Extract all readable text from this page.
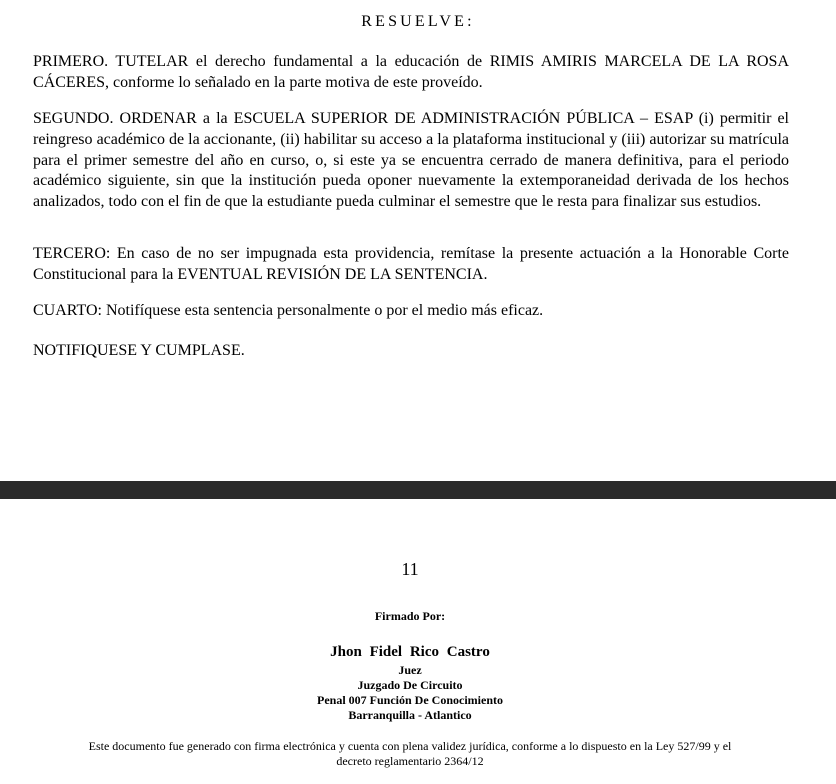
RESUELVE:

PRIMERO. TUTELAR el derecho fundamental a la educación de RIMIS AMIRIS MARCELA DE LA ROSA CÁCERES, conforme lo señalado en la parte motiva de este proveído.

SEGUNDO. ORDENAR a la ESCUELA SUPERIOR DE ADMINISTRACIÓN PÚBLICA – ESAP (i) permitir el reingreso académico de la accionante, (ii) habilitar su acceso a la plataforma institucional y (iii) autorizar su matrícula para el primer semestre del año en curso, o, si este ya se encuentra cerrado de manera definitiva, para el periodo académico siguiente, sin que la institución pueda oponer nuevamente la extemporaneidad derivada de los hechos analizados, todo con el fin de que la estudiante pueda culminar el semestre que le resta para finalizar sus estudios.

TERCERO: En caso de no ser impugnada esta providencia, remítase la presente actuación a la Honorable Corte Constitucional para la EVENTUAL REVISIÓN DE LA SENTENCIA.

CUARTO: Notifíquese esta sentencia personalmente o por el medio más eficaz.

NOTIFIQUESE Y CUMPLASE.

11
Firmado Por:
Jhon Fidel Rico Castro
Juez
Juzgado De Circuito
Penal 007 Función De Conocimiento
Barranquilla - Atlantico
Este documento fue generado con firma electrónica y cuenta con plena validez jurídica, conforme a lo dispuesto en la Ley 527/99 y el
decreto reglamentario 2364/12
